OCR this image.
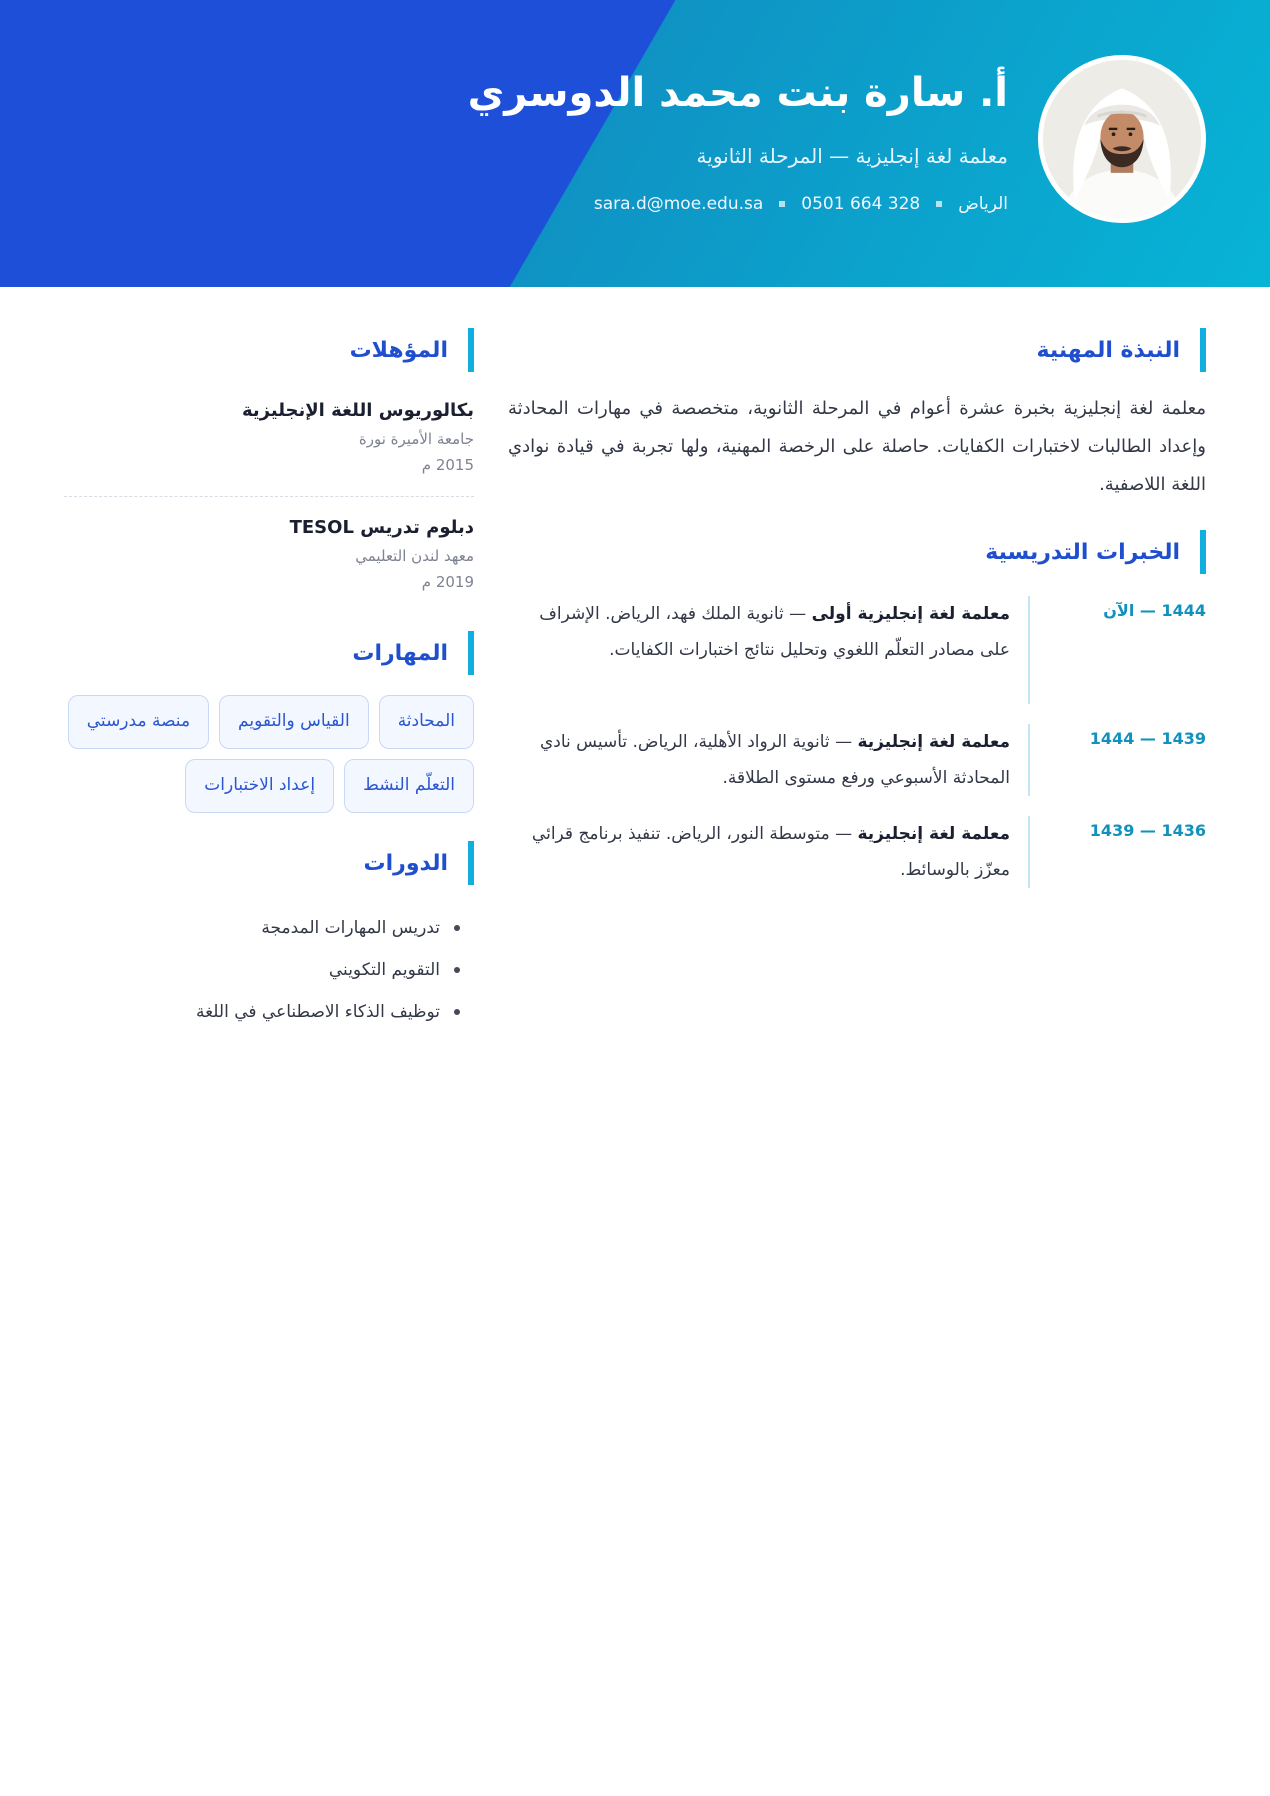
أ. سارة بنت محمد الدوسري
معلمة لغة إنجليزية — المرحلة الثانوية
الرياض
0501 664 328
sara.d@moe.edu.sa
النبذة المهنية

معلمة لغة إنجليزية بخبرة عشرة أعوام في المرحلة الثانوية، متخصصة في مهارات المحادثة وإعداد الطالبات لاختبارات الكفايات. حاصلة على الرخصة المهنية، ولها تجربة في قيادة نوادي اللغة اللاصفية.

الخبرات التدريسية
1444 — الآن
معلمة لغة إنجليزية أولى — ثانوية الملك فهد، الرياض. الإشراف على مصادر التعلّم اللغوي وتحليل نتائج اختبارات الكفايات.
1439 — 1444
معلمة لغة إنجليزية — ثانوية الرواد الأهلية، الرياض. تأسيس نادي المحادثة الأسبوعي ورفع مستوى الطلاقة.
1436 — 1439
معلمة لغة إنجليزية — متوسطة النور، الرياض. تنفيذ برنامج قرائي معزّز بالوسائط.
المؤهلات
بكالوريوس اللغة الإنجليزية
جامعة الأميرة نورة
2015 م
دبلوم تدريس TESOL
معهد لندن التعليمي
2019 م
المهارات
المحادثة
القياس والتقويم
منصة مدرستي
التعلّم النشط
إعداد الاختبارات
الدورات
تدريس المهارات المدمجة
التقويم التكويني
توظيف الذكاء الاصطناعي في اللغة
